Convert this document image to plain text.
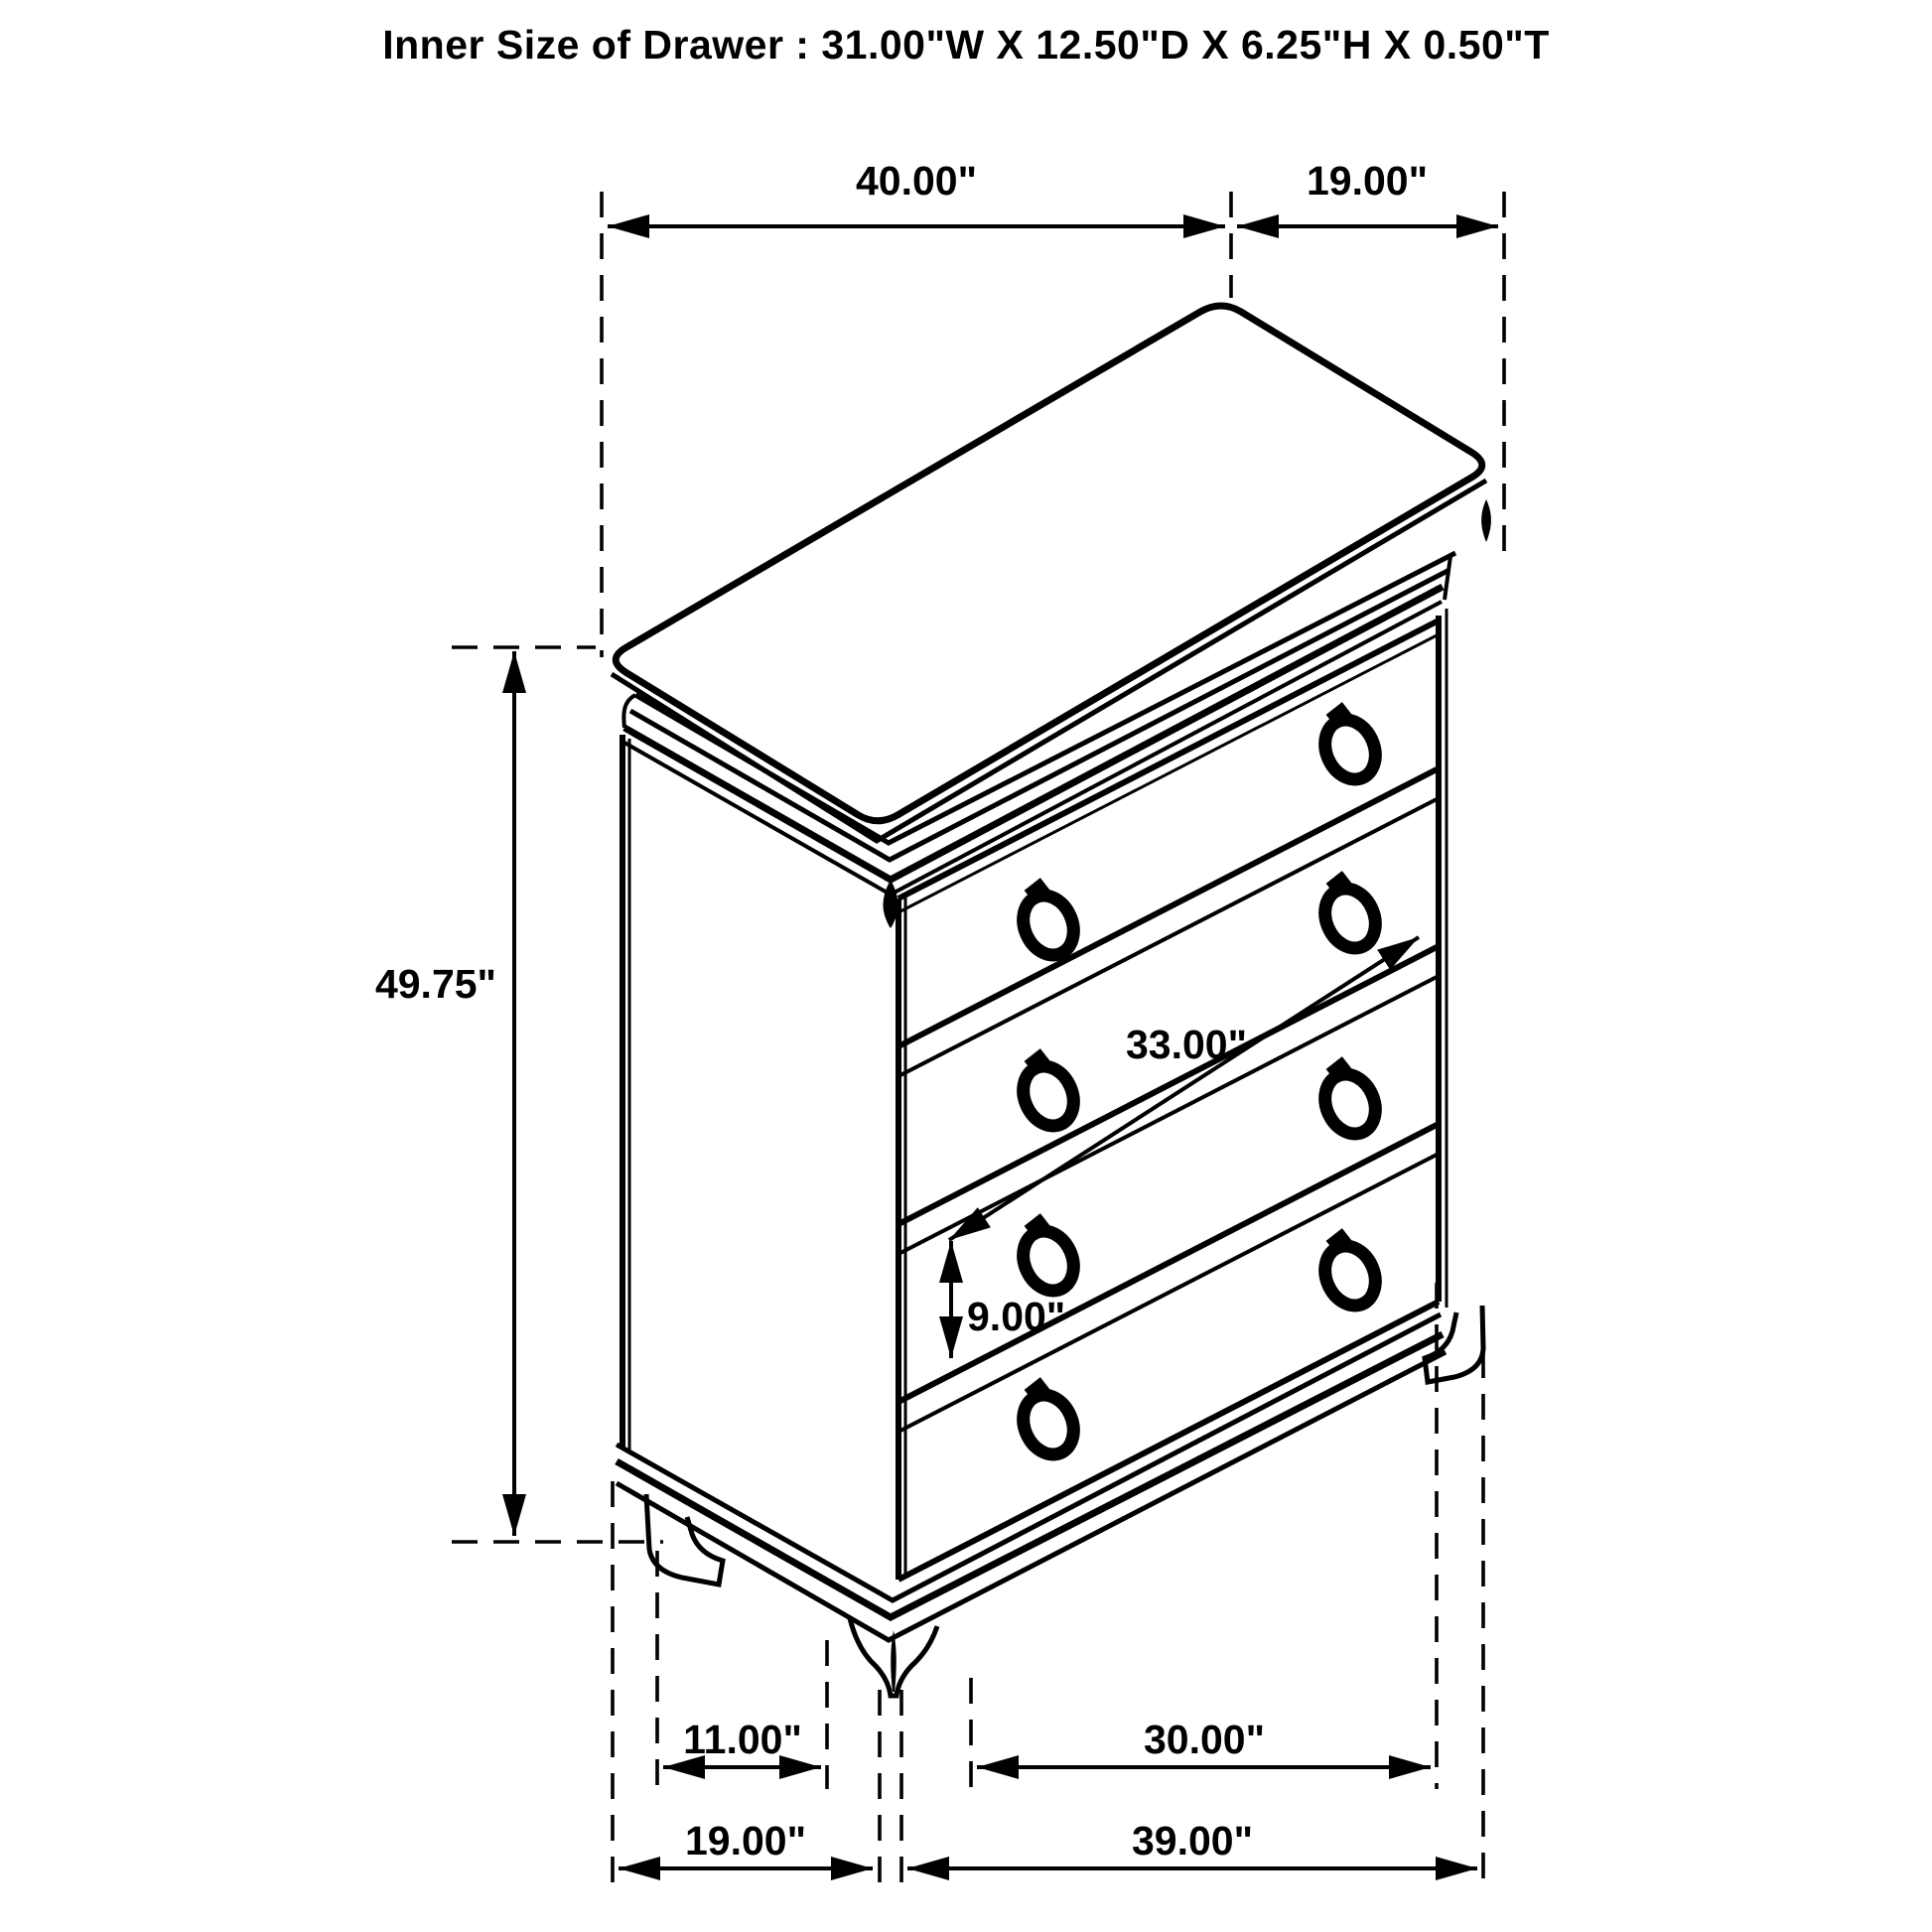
Inner Size of Drawer : 31.00"W X 12.50"D X 6.25"H X 0.50"T
40.00"	19.00"
49.75"
33.00"
9.00"
11.00"	30.00"
19.00"	39.00"
